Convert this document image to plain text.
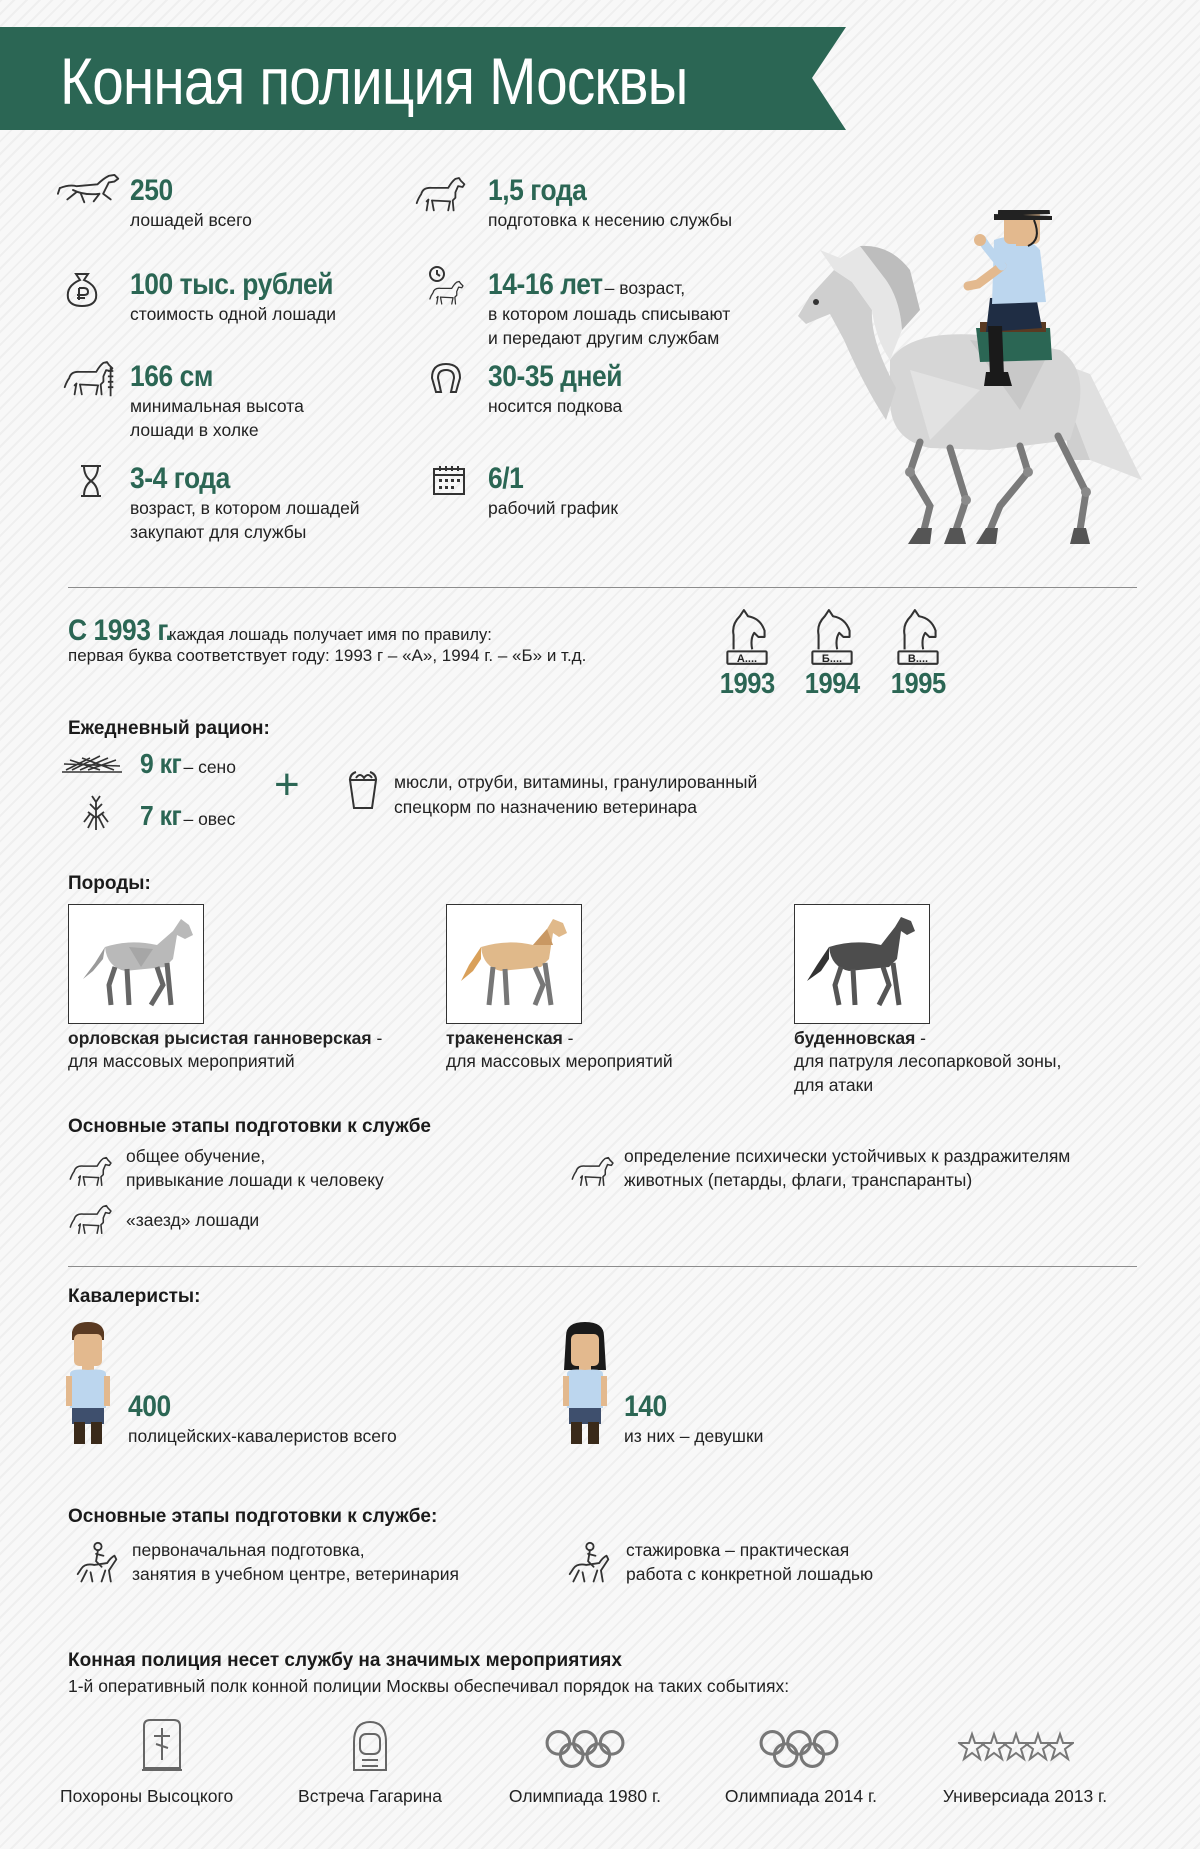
Конная полиция Москвы
250
лошадей всего
1,5 года
подготовка к несению службы
100 тыс. рублей
стоимость одной лошади
14-16 лет – возраст,
в котором лошадь списывают
и передают другим службам
166 см
минимальная высота
лошади в холке
30-35 дней
носится подкова
3-4 года
возраст, в котором лошадей
закупают для службы
6/1
рабочий график
С 1993 г. каждая лошадь получает имя по правилу:
первая буква соответствует году: 1993 г – «А», 1994 г. – «Б» и т.д.	А....
1993
Б....
1994
В....
1995
Ежедневный рацион:
9 кг – сено
7 кг – овес
+	мюсли, отруби, витамины, гранулированный
спецкорм по назначению ветеринара
Породы:
орловская рысистая ганноверская -
для массовых мероприятий
тракененская -
для массовых мероприятий
буденновская -
для патруля лесопарковой зоны,
для атаки
Основные этапы подготовки к службе
общее обучение,
привыкание лошади к человеку
определение психически устойчивых к раздражителям
животных (петарды, флаги, транспаранты)
«заезд» лошади
Кавалеристы:
400
полицейских-кавалеристов всего
140
из них – девушки
Основные этапы подготовки к службе:
первоначальная подготовка,
занятия в учебном центре, ветеринария
стажировка – практическая
работа с конкретной лошадью
Конная полиция несет службу на значимых мероприятиях
1-й оперативный полк конной полиции Москвы обеспечивал порядок на таких событиях:
Похороны Высоцкого	Встреча Гагарина	Олимпиада 1980 г.	Олимпиада 2014 г.	Универсиада 2013 г.
